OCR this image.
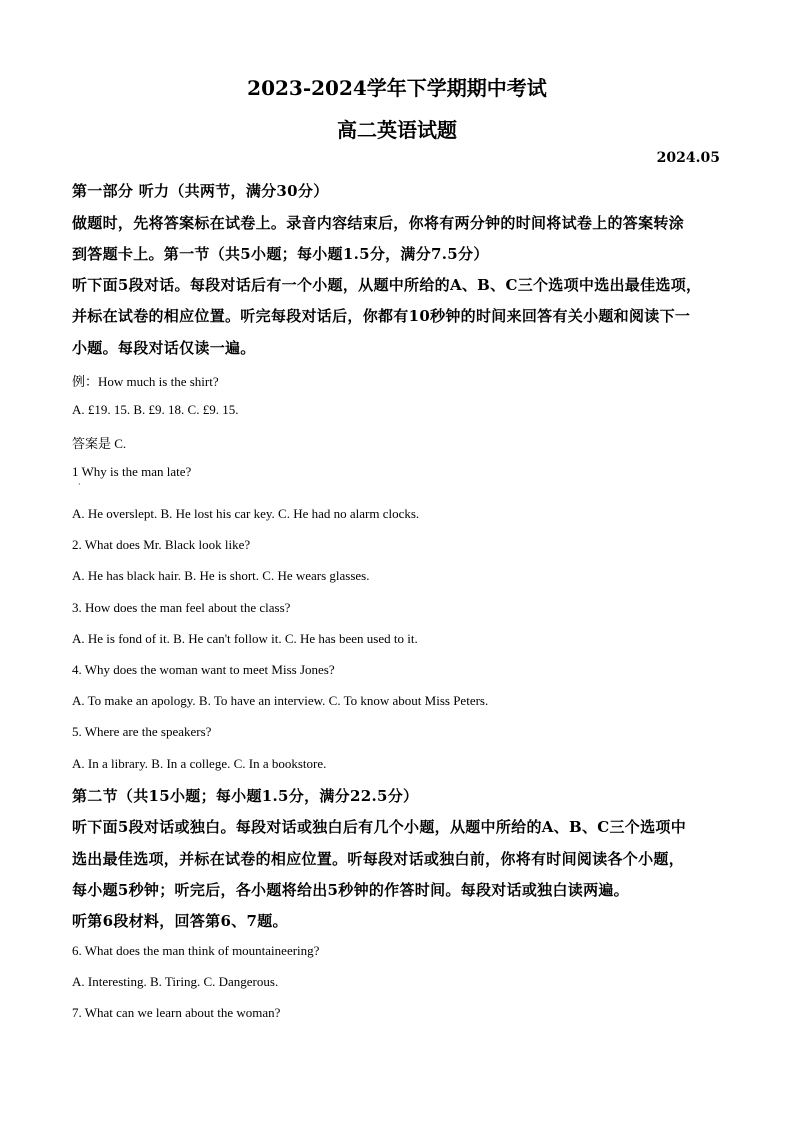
2023-2024学年下学期期中考试
高二英语试题
2024.05
第一部分 听力（共两节，满分30分）
做题时，先将答案标在试卷上。录音内容结束后，你将有两分钟的时间将试卷上的答案转涂
到答题卡上。第一节（共5小题；每小题1.5分，满分7.5分）
听下面5段对话。每段对话后有一个小题，从题中所给的A、B、C三个选项中选出最佳选项，
并标在试卷的相应位置。听完每段对话后，你都有10秒钟的时间来回答有关小题和阅读下一
小题。每段对话仅读一遍。
例：How much is the shirt?
A. £19. 15. B. £9. 18. C. £9. 15.
答案是 C.
1 Why is the man late?
·
A. He overslept. B. He lost his car key. C. He had no alarm clocks.
2. What does Mr. Black look like?
A. He has black hair. B. He is short. C. He wears glasses.
3. How does the man feel about the class?
A. He is fond of it. B. He can't follow it. C. He has been used to it.
4. Why does the woman want to meet Miss Jones?
A. To make an apology. B. To have an interview. C. To know about Miss Peters.
5. Where are the speakers?
A. In a library. B. In a college. C. In a bookstore.
第二节（共15小题；每小题1.5分，满分22.5分）
听下面5段对话或独白。每段对话或独白后有几个小题，从题中所给的A、B、C三个选项中
选出最佳选项，并标在试卷的相应位置。听每段对话或独白前，你将有时间阅读各个小题，
每小题5秒钟；听完后，各小题将给出5秒钟的作答时间。每段对话或独白读两遍。
听第6段材料，回答第6、7题。
6. What does the man think of mountaineering?
A. Interesting. B. Tiring. C. Dangerous.
7. What can we learn about the woman?
